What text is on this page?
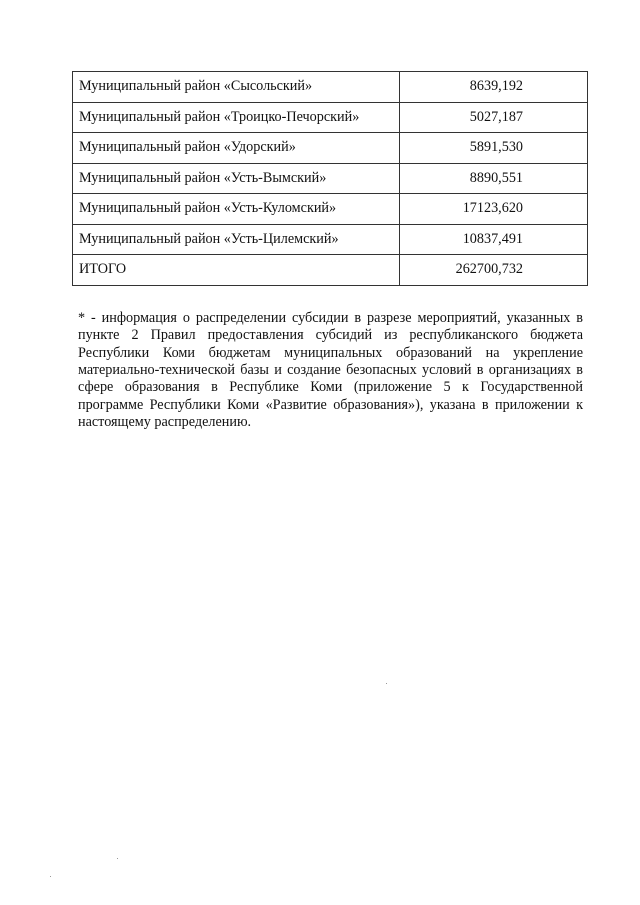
Муниципальный район «Сысольский»	8639,192
Муниципальный район «Троицко-Печорский»	5027,187
Муниципальный район «Удорский»	5891,530
Муниципальный район «Усть-Вымский»	8890,551
Муниципальный район «Усть-Куломский»	17123,620
Муниципальный район «Усть-Цилемский»	10837,491
ИТОГО	262700,732

* - информация о распределении субсидии в разрезе мероприятий, указанных в пункте 2 Правил предоставления субсидий из республиканского бюджета Республики Коми бюджетам муниципальных образований на укрепление материально-технической базы и создание безопасных условий в организациях в сфере образования в Республике Коми (приложение 5 к Государственной программе Республики Коми «Развитие образования»), указана в приложении к настоящему распределению.
